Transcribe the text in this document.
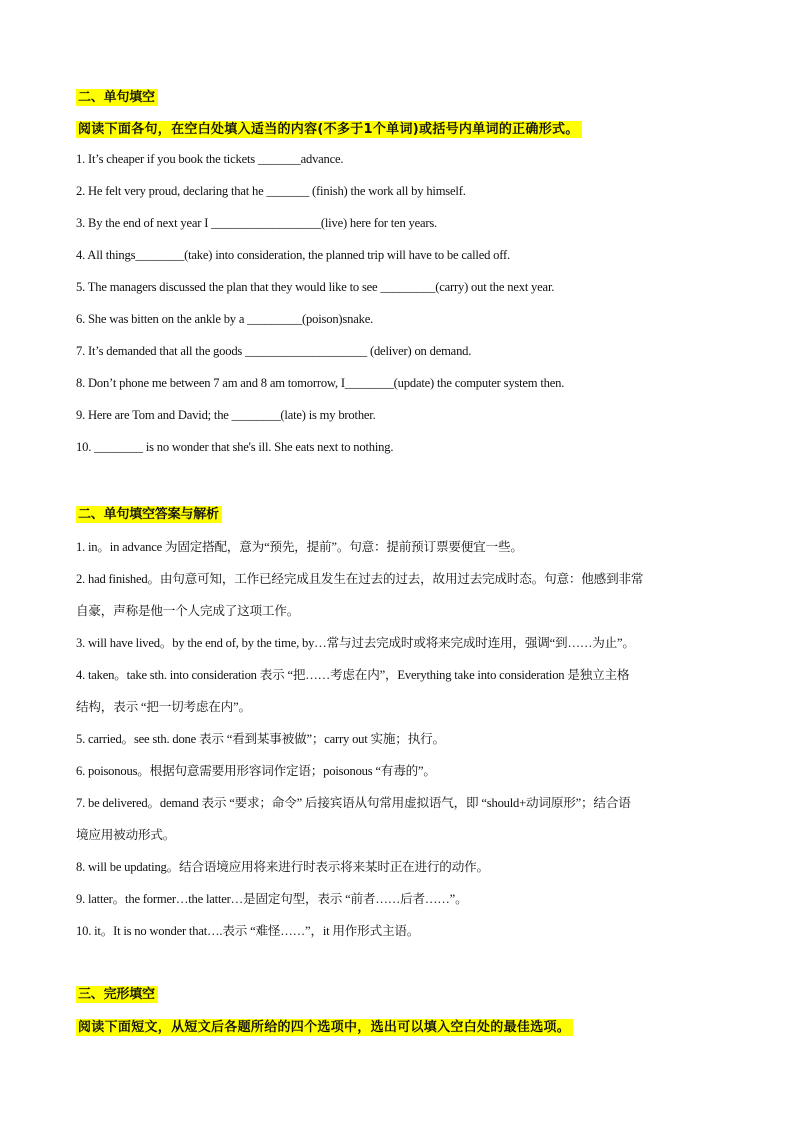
二、单句填空
阅读下面各句，在空白处填入适当的内容(不多于1个单词)或括号内单词的正确形式。
1. It’s cheaper if you book the tickets _______advance.
2. He felt very proud, declaring that he _______ (finish) the work all by himself.
3. By the end of next year I __________________(live) here for ten years.
4. All things________(take) into consideration, the planned trip will have to be called off.
5. The managers discussed the plan that they would like to see _________(carry) out the next year.
6. She was bitten on the ankle by a _________(poison)snake.
7. It’s demanded that all the goods ____________________ (deliver) on demand.
8. Don’t phone me between 7 am and 8 am tomorrow, I________(update) the computer system then.
9. Here are Tom and David; the ________(late) is my brother.
10. ________ is no wonder that she's ill. She eats next to nothing.
二、单句填空答案与解析
1. in。in advance 为固定搭配，意为“预先，提前”。句意：提前预订票要便宜一些。
2. had finished。由句意可知，工作已经完成且发生在过去的过去，故用过去完成时态。句意：他感到非常
自豪，声称是他一个人完成了这项工作。
3. will have lived。by the end of, by the time, by…常与过去完成时或将来完成时连用，强调“到……为止”。
4. taken。take sth. into consideration 表示 “把……考虑在内”，Everything take into consideration 是独立主格
结构，表示 “把一切考虑在内”。
5. carried。see sth. done 表示 “看到某事被做”；carry out 实施；执行。
6. poisonous。根据句意需要用形容词作定语；poisonous “有毒的”。
7. be delivered。demand 表示 “要求；命令” 后接宾语从句常用虚拟语气，即 “should+动词原形”；结合语
境应用被动形式。
8. will be updating。结合语境应用将来进行时表示将来某时正在进行的动作。
9. latter。the former…the latter…是固定句型，表示 “前者……后者……”。
10. it。It is no wonder that….表示 “难怪……”，it 用作形式主语。
三、完形填空
阅读下面短文，从短文后各题所给的四个选项中，选出可以填入空白处的最佳选项。
